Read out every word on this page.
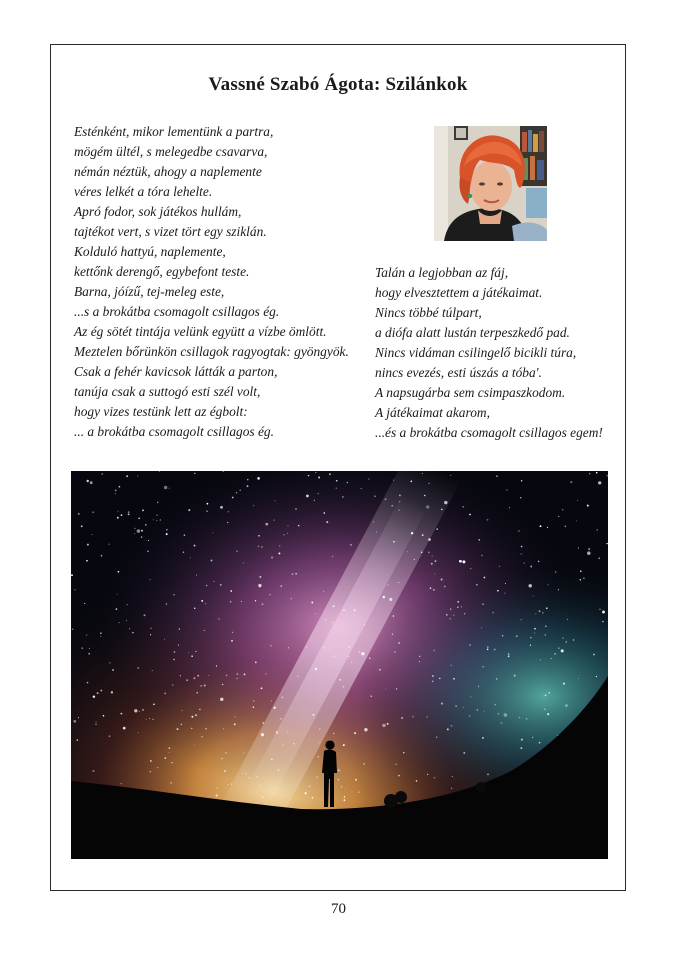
Vassné Szabó Ágota: Szilánkok
Esténként, mikor lementünk a partra,
mögém ültél, s melegedbe csavarva,
némán néztük, ahogy a naplemente
véres lelkét a tóra lehelte.
Apró fodor, sok játékos hullám,
tajtékot vert, s vizet tört egy sziklán.
Kolduló hattyú, naplemente,
kettőnk derengő, egybefont teste.
Barna, jóízű, tej-meleg este,
...s a brokátba csomagolt csillagos ég.
Az ég sötét tintája velünk együtt a vízbe ömlött.
Meztelen bőrünkön csillagok ragyogtak: gyöngyök.
Csak a fehér kavicsok látták a parton,
tanúja csak a suttogó esti szél volt,
hogy vizes testünk lett az égbolt:
... a brokátba csomagolt csillagos ég.
Talán a legjobban az fáj,
hogy elvesztettem a játékaimat.
Nincs többé túlpart,
a diófa alatt lustán terpeszkedő pad.
Nincs vidáman csilingelő bicikli túra,
nincs evezés, esti úszás a tóba'.
A napsugárba sem csimpaszkodom.
A játékaimat akarom,
...és a brokátba csomagolt csillagos egem!
70
